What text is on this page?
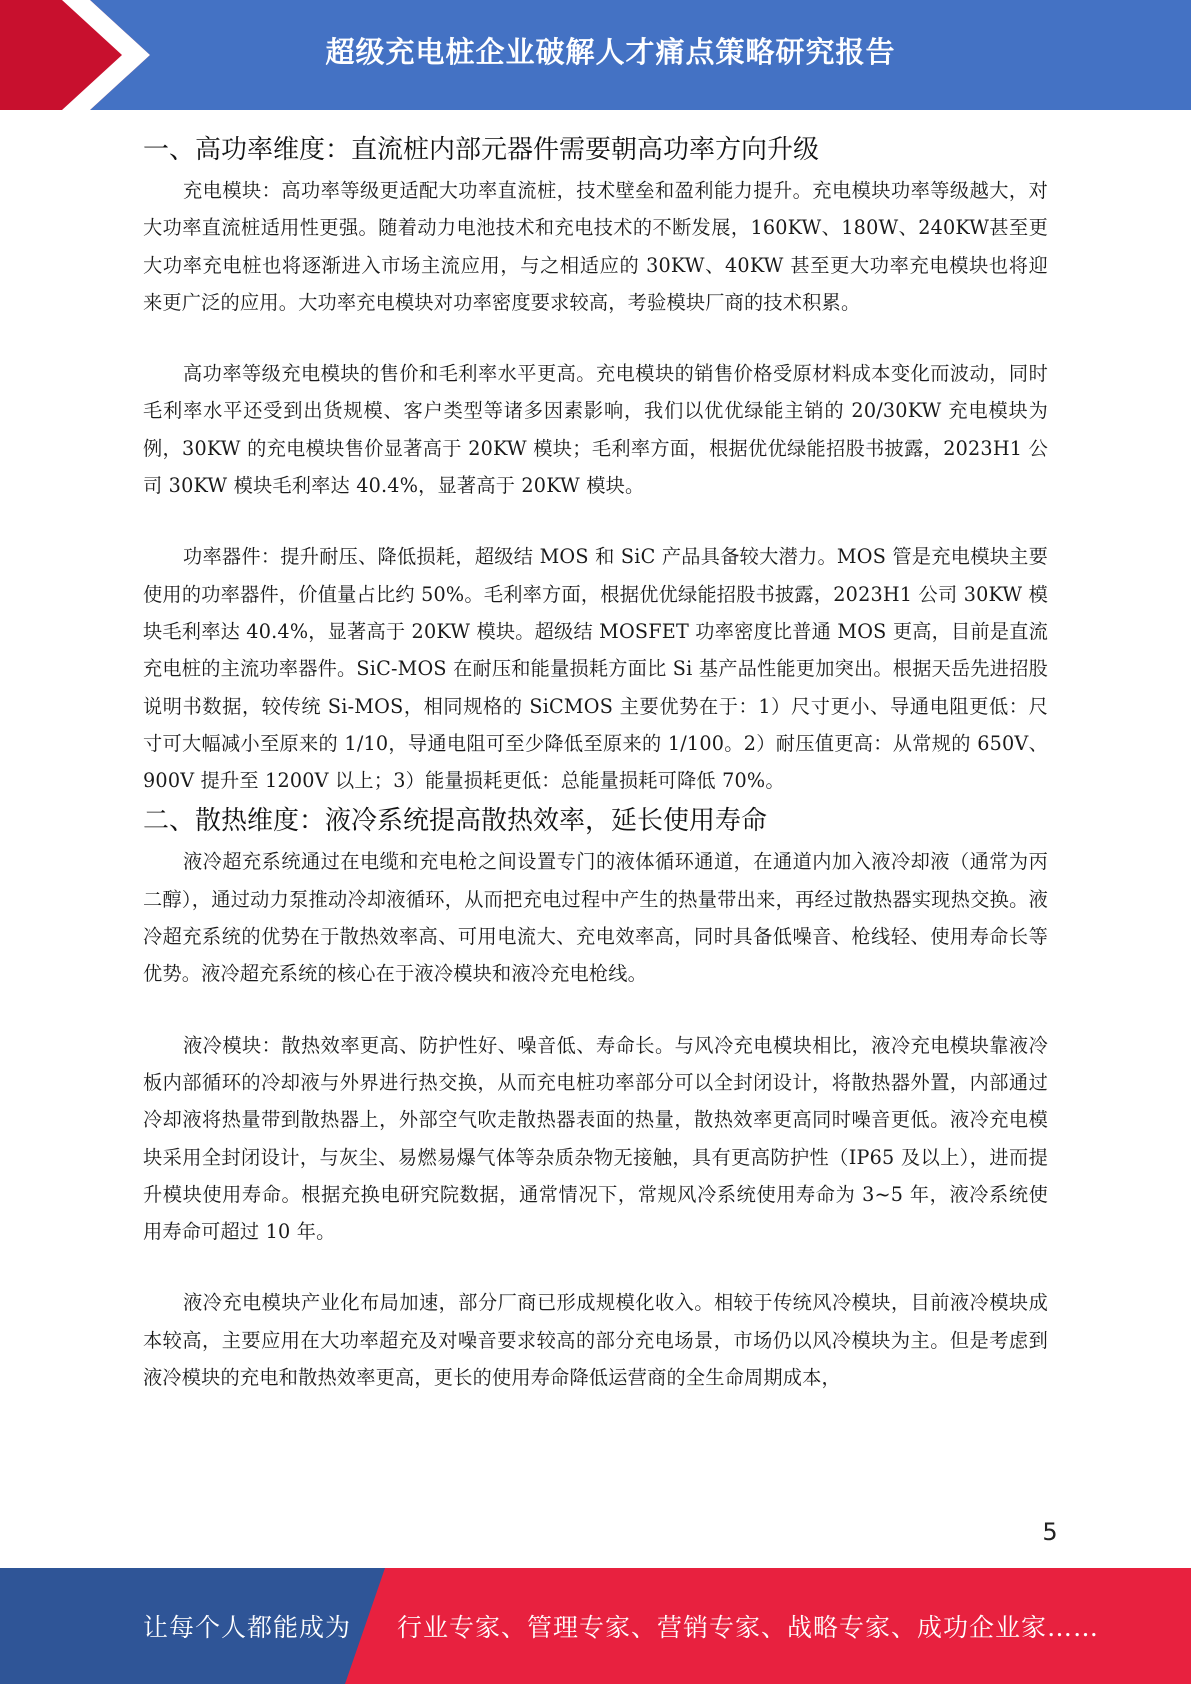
超级充电桩企业破解人才痛点策略研究报告
一、高功率维度：直流桩内部元器件需要朝高功率方向升级

充电模块：高功率等级更适配大功率直流桩，技术壁垒和盈利能力提升。充电模块功率等级越大，对大功率直流桩适用性更强。随着动力电池技术和充电技术的不断发展，160KW、180W、240KW甚至更大功率充电桩也将逐渐进入市场主流应用，与之相适应的 30KW、40KW 甚至更大功率充电模块也将迎来更广泛的应用。大功率充电模块对功率密度要求较高，考验模块厂商的技术积累。

高功率等级充电模块的售价和毛利率水平更高。充电模块的销售价格受原材料成本变化而波动，同时毛利率水平还受到出货规模、客户类型等诸多因素影响，我们以优优绿能主销的 20/30KW 充电模块为例，30KW 的充电模块售价显著高于 20KW 模块；毛利率方面，根据优优绿能招股书披露，2023H1 公司 30KW 模块毛利率达 40.4%，显著高于 20KW 模块。

功率器件：提升耐压、降低损耗，超级结 MOS 和 SiC 产品具备较大潜力。MOS 管是充电模块主要使用的功率器件，价值量占比约 50%。毛利率方面，根据优优绿能招股书披露，2023H1 公司 30KW 模块毛利率达 40.4%，显著高于 20KW 模块。超级结 MOSFET 功率密度比普通 MOS 更高，目前是直流充电桩的主流功率器件。SiC-MOS 在耐压和能量损耗方面比 Si 基产品性能更加突出。根据天岳先进招股说明书数据，较传统 Si-MOS，相同规格的 SiCMOS 主要优势在于：1）尺寸更小、导通电阻更低：尺寸可大幅减小至原来的 1/10，导通电阻可至少降低至原来的 1/100。2）耐压值更高：从常规的 650V、900V 提升至 1200V 以上；3）能量损耗更低：总能量损耗可降低 70%。

二、散热维度：液冷系统提高散热效率，延长使用寿命

液冷超充系统通过在电缆和充电枪之间设置专门的液体循环通道，在通道内加入液冷却液（通常为丙二醇），通过动力泵推动冷却液循环，从而把充电过程中产生的热量带出来，再经过散热器实现热交换。液冷超充系统的优势在于散热效率高、可用电流大、充电效率高，同时具备低噪音、枪线轻、使用寿命长等优势。液冷超充系统的核心在于液冷模块和液冷充电枪线。

液冷模块：散热效率更高、防护性好、噪音低、寿命长。与风冷充电模块相比，液冷充电模块靠液冷板内部循环的冷却液与外界进行热交换，从而充电桩功率部分可以全封闭设计，将散热器外置，内部通过冷却液将热量带到散热器上，外部空气吹走散热器表面的热量，散热效率更高同时噪音更低。液冷充电模块采用全封闭设计，与灰尘、易燃易爆气体等杂质杂物无接触，具有更高防护性（IP65 及以上），进而提升模块使用寿命。根据充换电研究院数据，通常情况下，常规风冷系统使用寿命为 3~5 年，液冷系统使用寿命可超过 10 年。

液冷充电模块产业化布局加速，部分厂商已形成规模化收入。相较于传统风冷模块，目前液冷模块成本较高，主要应用在大功率超充及对噪音要求较高的部分充电场景，市场仍以风冷模块为主。但是考虑到液冷模块的充电和散热效率更高，更长的使用寿命降低运营商的全生命周期成本，

5
让每个人都能成为 行业专家、管理专家、营销专家、战略专家、成功企业家……
